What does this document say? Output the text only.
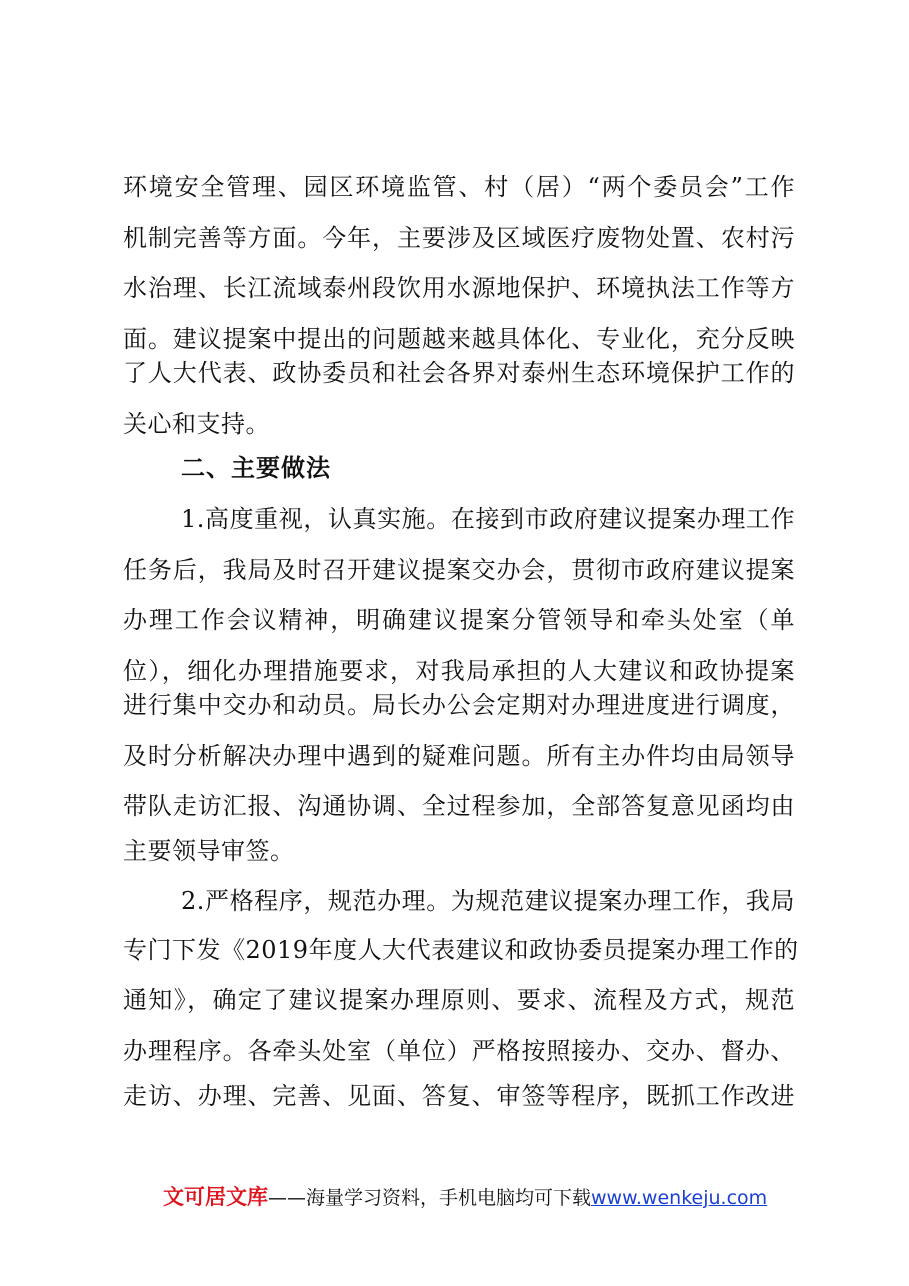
环境安全管理、园区环境监管、村（居）“两个委员会”工作
机制完善等方面。今年，主要涉及区域医疗废物处置、农村污
水治理、长江流域泰州段饮用水源地保护、环境执法工作等方
面。建议提案中提出的问题越来越具体化、专业化，充分反映
了人大代表、政协委员和社会各界对泰州生态环境保护工作的
关心和支持。
二、主要做法
1.高度重视，认真实施。在接到市政府建议提案办理工作
任务后，我局及时召开建议提案交办会，贯彻市政府建议提案
办理工作会议精神，明确建议提案分管领导和牵头处室（单
位），细化办理措施要求，对我局承担的人大建议和政协提案
进行集中交办和动员。局长办公会定期对办理进度进行调度，
及时分析解决办理中遇到的疑难问题。所有主办件均由局领导
带队走访汇报、沟通协调、全过程参加，全部答复意见函均由
主要领导审签。
2.严格程序，规范办理。为规范建议提案办理工作，我局
专门下发《2019年度人大代表建议和政协委员提案办理工作的
通知》，确定了建议提案办理原则、要求、流程及方式，规范
办理程序。各牵头处室（单位）严格按照接办、交办、督办、
走访、办理、完善、见面、答复、审签等程序，既抓工作改进
文可居文库——海量学习资料，手机电脑均可下载www.wenkeju.com
